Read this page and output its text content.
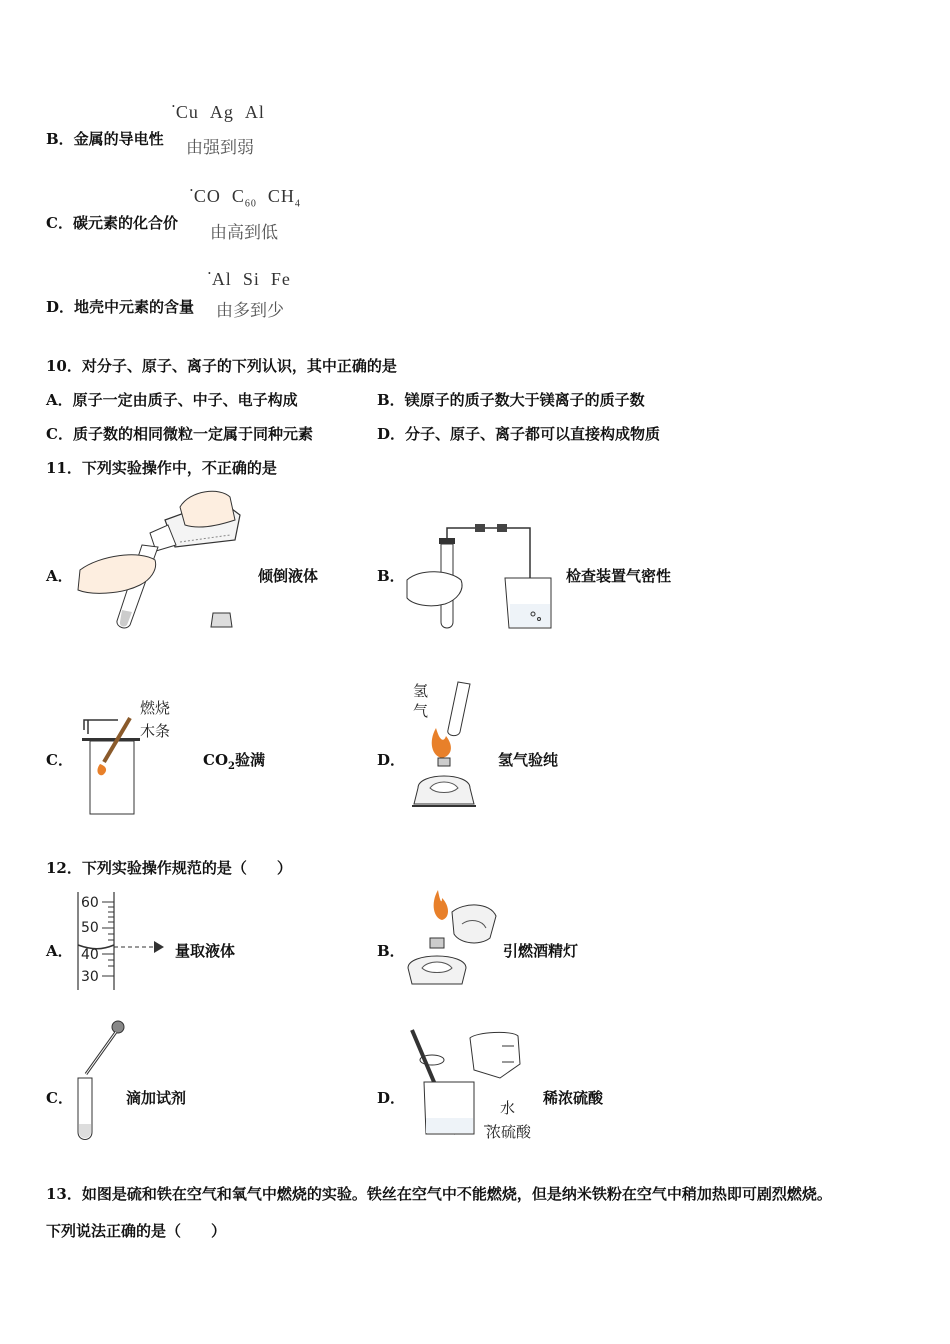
•Cu Ag Al
B．金属的导电性 由强到弱
•CO $C_{60}$ $CH_4$
C．碳元素的化合价 由高到低
•Al Si Fe
D．地壳中元素的含量 由多到少
10．对分子、原子、离子的下列认识，其中正确的是
A．原子一定由质子、中子、电子构成	B．镁原子的质子数大于镁离子的质子数
C．质子数的相同微粒一定属于同种元素	D．分子、原子、离子都可以直接构成物质
11．下列实验操作中，不正确的是
A．	倾倒液体	B．	检查装置气密性
C．
燃烧
木条
$CO_2$验满	D．
氢
气
氢气验纯
12．下列实验操作规范的是（　　）
A．
60
50
40
30
量取液体	B．	引燃酒精灯
C．	滴加试剂	D．
水
浓硫酸
稀浓硫酸
13．如图是硫和铁在空气和氧气中燃烧的实验。铁丝在空气中不能燃烧，但是纳米铁粉在空气中稍加热即可剧烈燃烧。
下列说法正确的是（　　）
